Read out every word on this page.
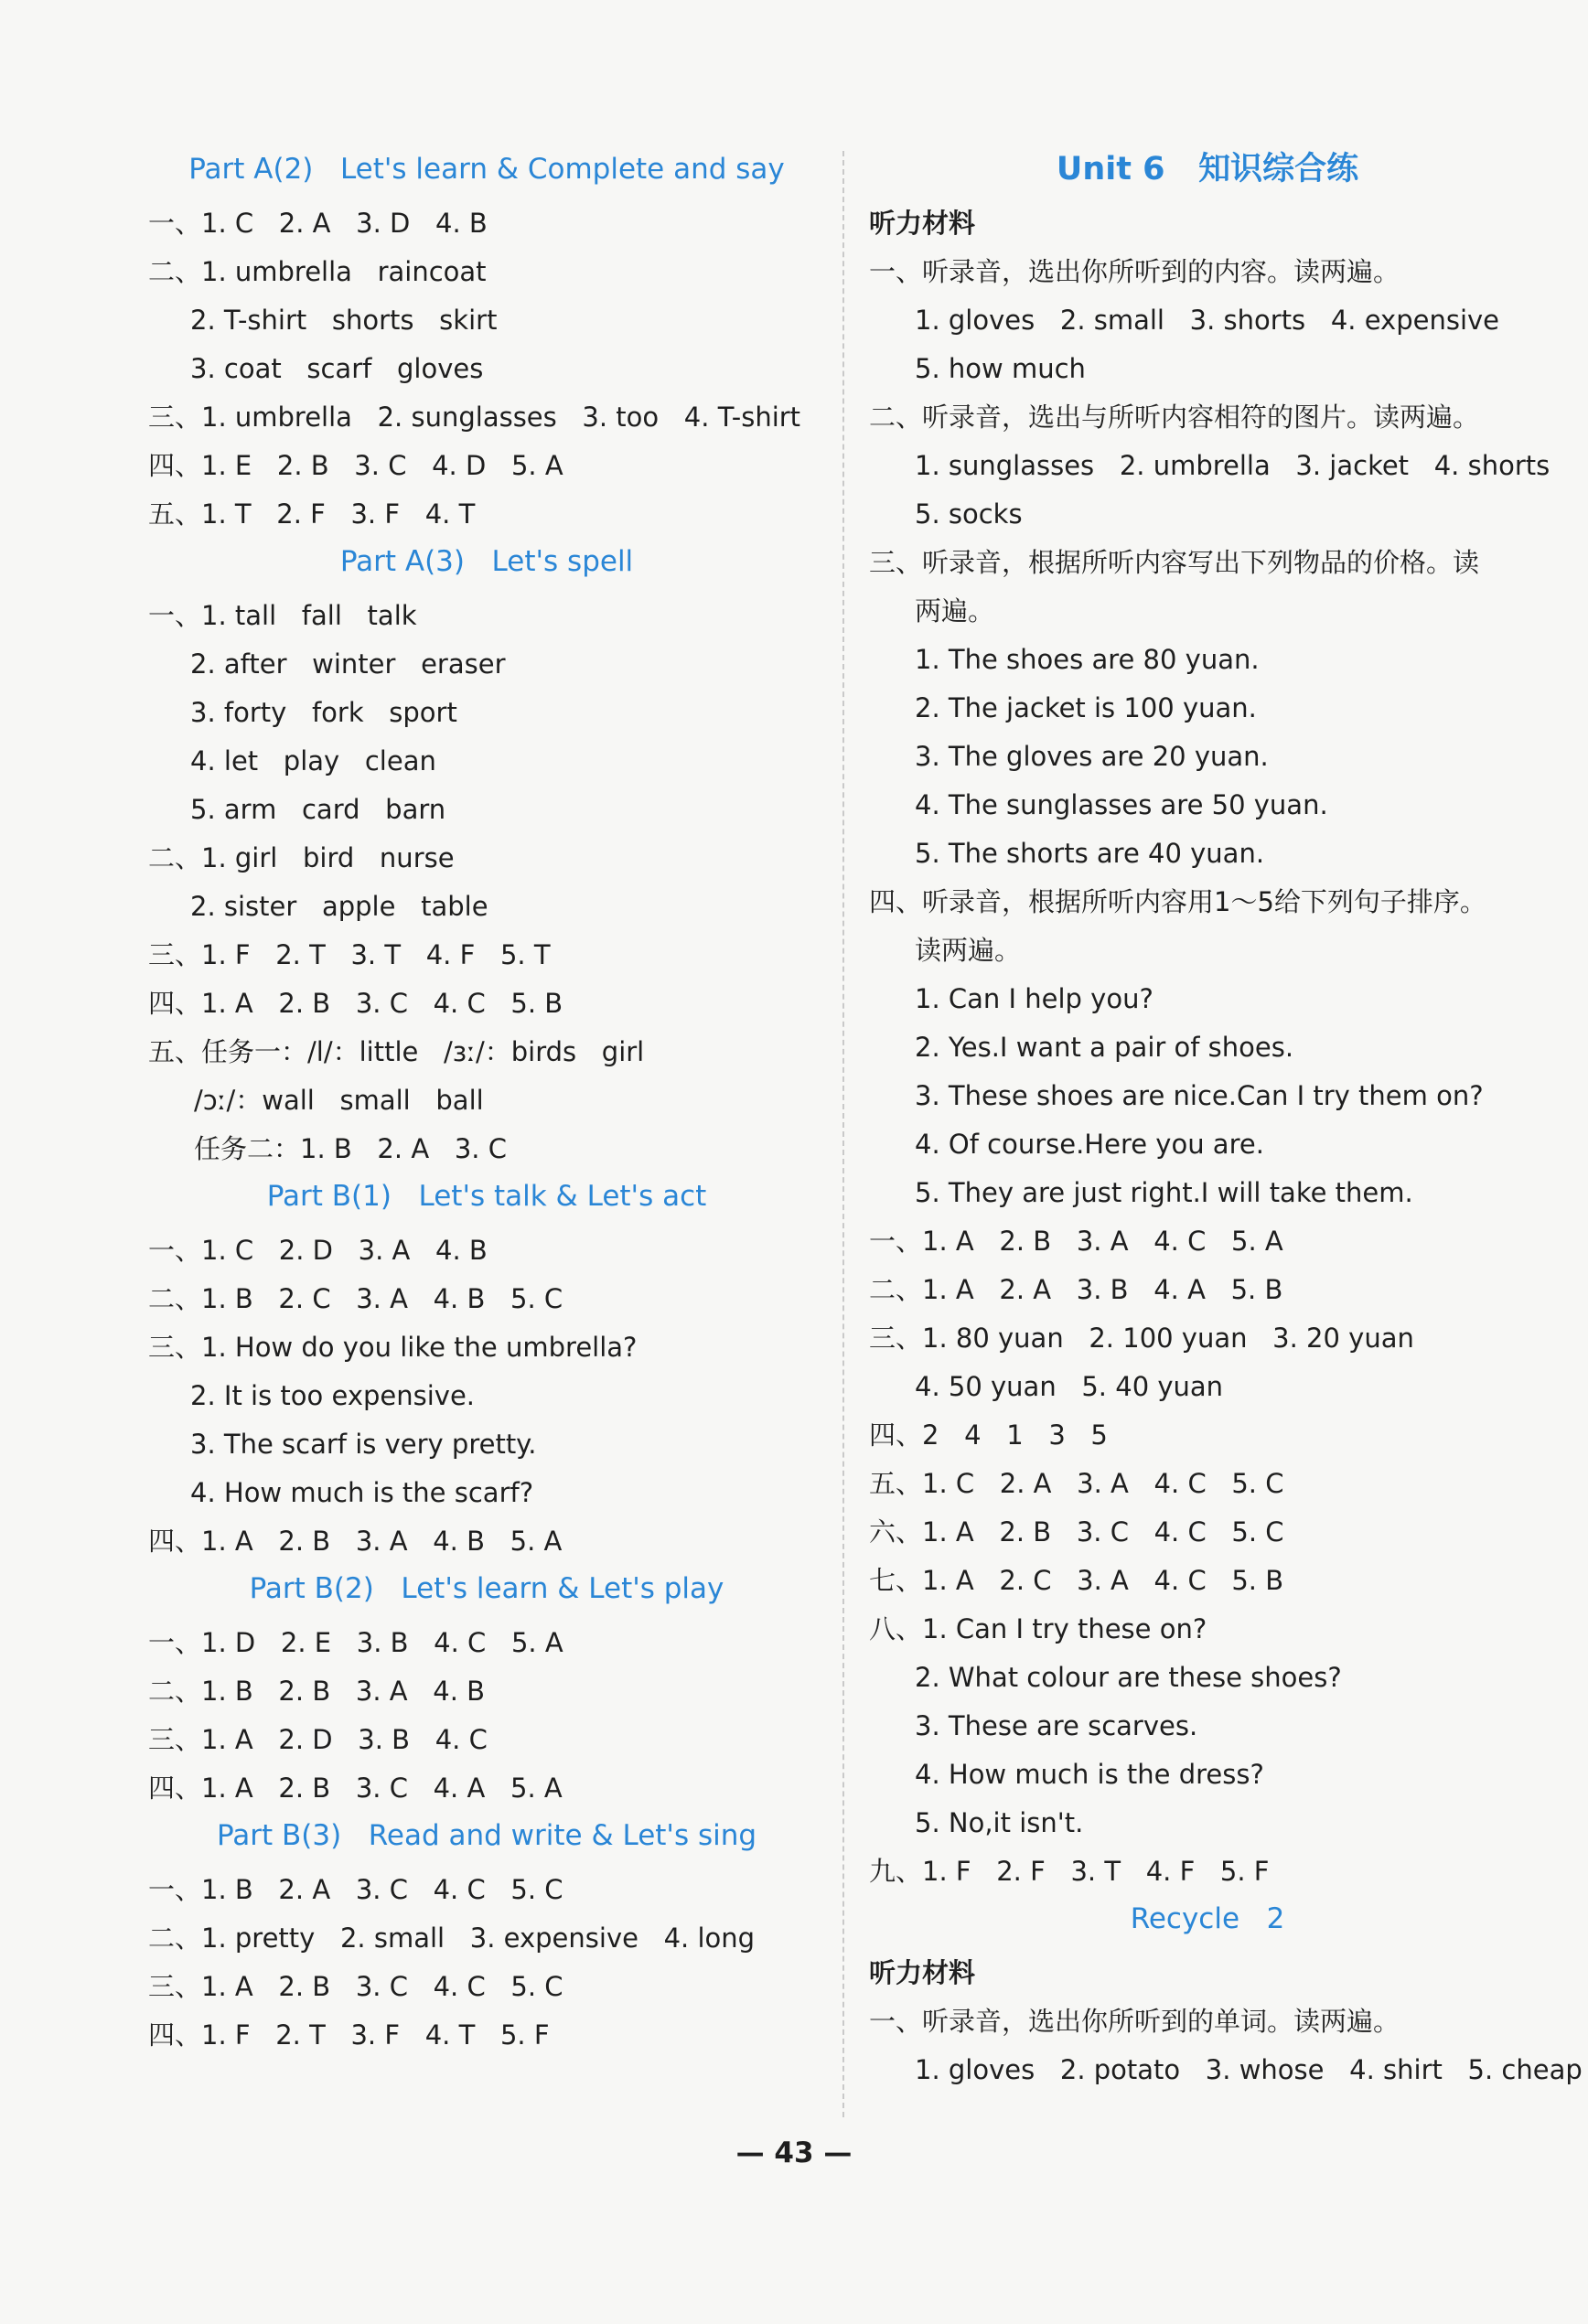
Part A(2)   Let's learn & Complete and say
一、1. C   2. A   3. D   4. B
二、1. umbrella   raincoat
2. T-shirt   shorts   skirt
3. coat   scarf   gloves
三、1. umbrella   2. sunglasses   3. too   4. T-shirt
四、1. E   2. B   3. C   4. D   5. A
五、1. T   2. F   3. F   4. T
Part A(3)   Let's spell
一、1. tall   fall   talk
2. after   winter   eraser
3. forty   fork   sport
4. let   play   clean
5. arm   card   barn
二、1. girl   bird   nurse
2. sister   apple   table
三、1. F   2. T   3. T   4. F   5. T
四、1. A   2. B   3. C   4. C   5. B
五、任务一：/l/：little   /ɜː/：birds   girl
/ɔː/：wall   small   ball
任务二：1. B   2. A   3. C
Part B(1)   Let's talk & Let's act
一、1. C   2. D   3. A   4. B
二、1. B   2. C   3. A   4. B   5. C
三、1. How do you like the umbrella?
2. It is too expensive.
3. The scarf is very pretty.
4. How much is the scarf?
四、1. A   2. B   3. A   4. B   5. A
Part B(2)   Let's learn & Let's play
一、1. D   2. E   3. B   4. C   5. A
二、1. B   2. B   3. A   4. B
三、1. A   2. D   3. B   4. C
四、1. A   2. B   3. C   4. A   5. A
Part B(3)   Read and write & Let's sing
一、1. B   2. A   3. C   4. C   5. C
二、1. pretty   2. small   3. expensive   4. long
三、1. A   2. B   3. C   4. C   5. C
四、1. F   2. T   3. F   4. T   5. F
Unit 6   知识综合练
听力材料
一、听录音，选出你所听到的内容。读两遍。
1. gloves   2. small   3. shorts   4. expensive
5. how much
二、听录音，选出与所听内容相符的图片。读两遍。
1. sunglasses   2. umbrella   3. jacket   4. shorts
5. socks
三、听录音，根据所听内容写出下列物品的价格。读
两遍。
1. The shoes are 80 yuan.
2. The jacket is 100 yuan.
3. The gloves are 20 yuan.
4. The sunglasses are 50 yuan.
5. The shorts are 40 yuan.
四、听录音，根据所听内容用1～5给下列句子排序。
读两遍。
1. Can I help you?
2. Yes.I want a pair of shoes.
3. These shoes are nice.Can I try them on?
4. Of course.Here you are.
5. They are just right.I will take them.
一、1. A   2. B   3. A   4. C   5. A
二、1. A   2. A   3. B   4. A   5. B
三、1. 80 yuan   2. 100 yuan   3. 20 yuan
4. 50 yuan   5. 40 yuan
四、2   4   1   3   5
五、1. C   2. A   3. A   4. C   5. C
六、1. A   2. B   3. C   4. C   5. C
七、1. A   2. C   3. A   4. C   5. B
八、1. Can I try these on?
2. What colour are these shoes?
3. These are scarves.
4. How much is the dress?
5. No,it isn't.
九、1. F   2. F   3. T   4. F   5. F
Recycle   2
听力材料
一、听录音，选出你所听到的单词。读两遍。
1. gloves   2. potato   3. whose   4. shirt   5. cheap
— 43 —
